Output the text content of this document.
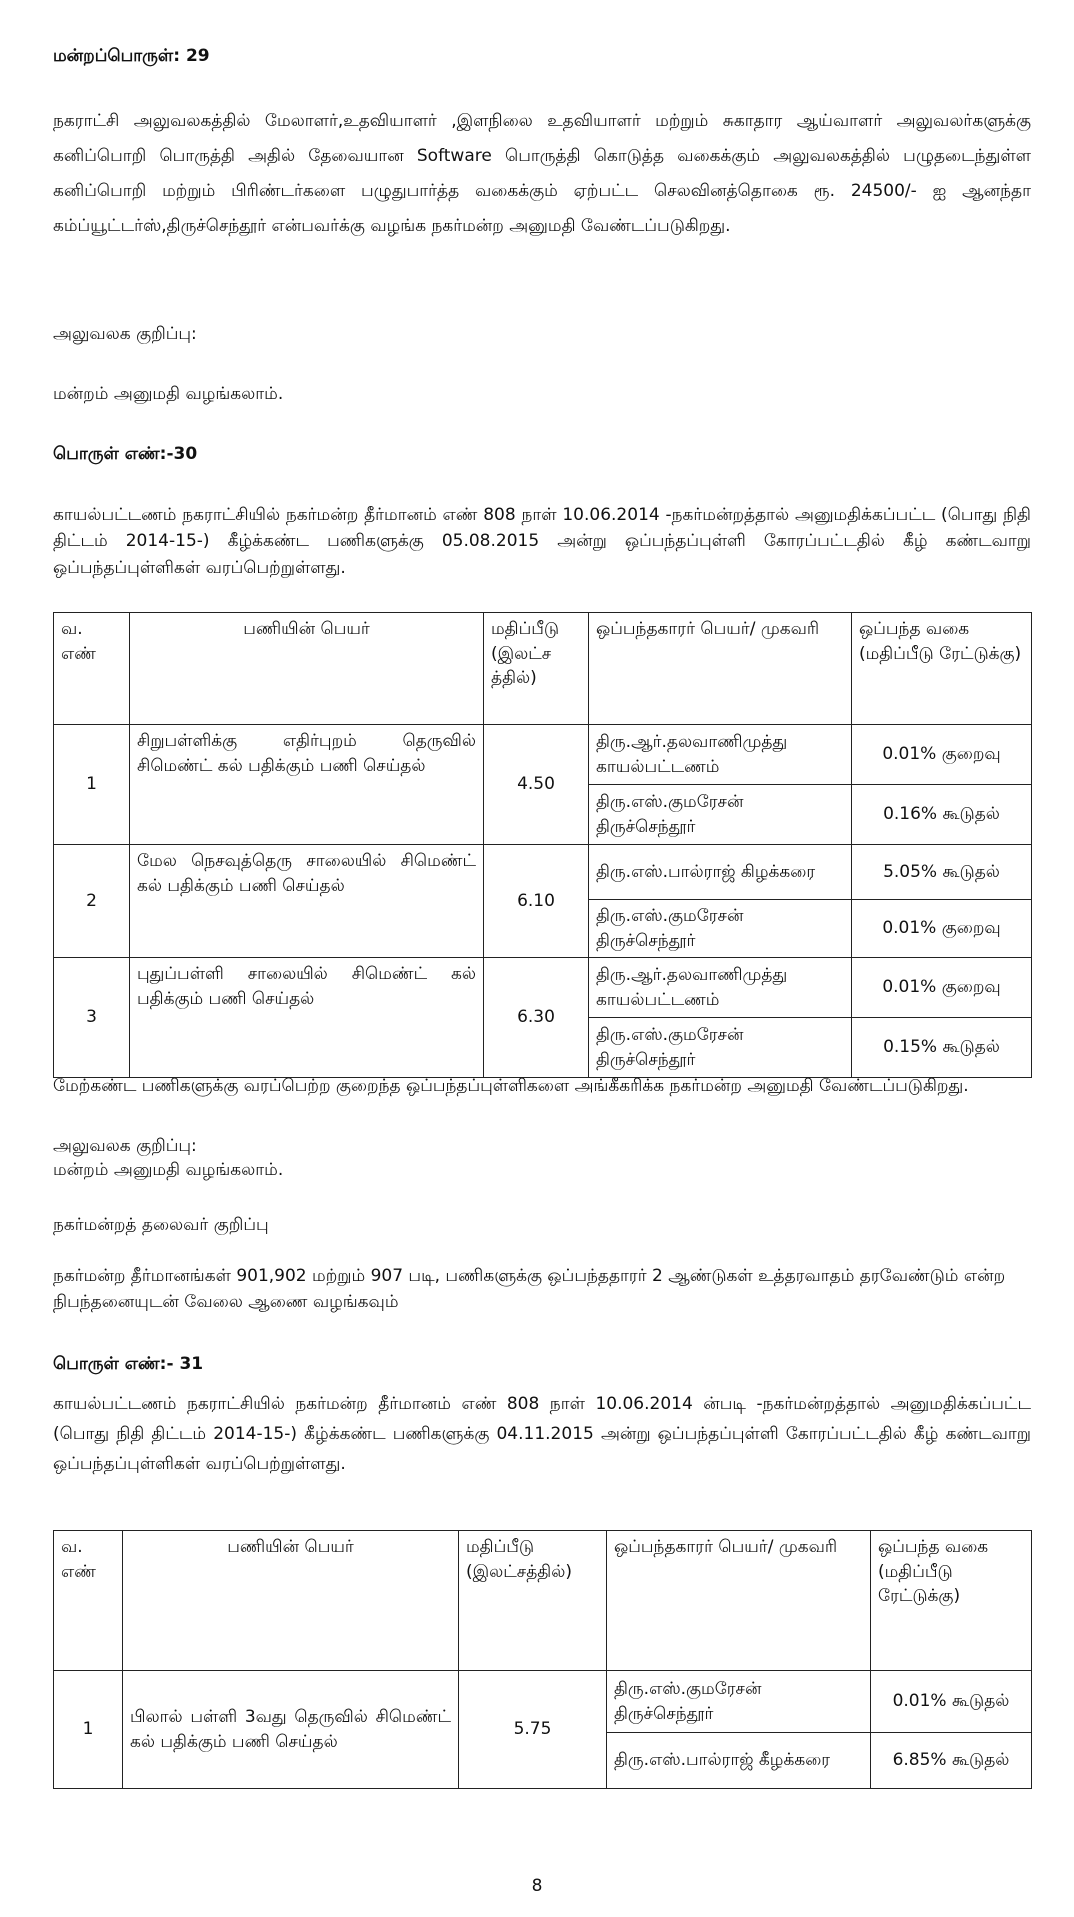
மன்றப்பொருள்: 29
நகராட்சி அலுவலகத்தில் மேலாளர்,உதவியாளர் ,இளநிலை உதவியாளர் மற்றும் சுகாதார ஆய்வாளர் அலுவலர்களுக்கு கனிப்பொறி பொருத்தி அதில் தேவையான Software பொருத்தி கொடுத்த வகைக்கும் அலுவலகத்தில் பழுதடைந்துள்ள கனிப்பொறி மற்றும் பிரிண்டர்களை பழுதுபார்த்த வகைக்கும் ஏற்பட்ட செலவினத்தொகை ரூ. 24500/- ஐ ஆனந்தா கம்ப்யூட்டர்ஸ்,திருச்செந்தூர் என்பவர்க்கு வழங்க நகர்மன்ற அனுமதி வேண்டப்படுகிறது.
அலுவலக குறிப்பு:
மன்றம் அனுமதி வழங்கலாம்.
பொருள் எண்:-30
காயல்பட்டணம் நகராட்சியில் நகர்மன்ற தீர்மானம் எண் 808 நாள் 10.06.2014 -நகர்மன்றத்தால் அனுமதிக்கப்பட்ட (பொது நிதி திட்டம் 2014-15-) கீழ்க்கண்ட பணிகளுக்கு 05.08.2015 அன்று ஒப்பந்தப்புள்ளி கோரப்பட்டதில் கீழ் கண்டவாறு ஒப்பந்தப்புள்ளிகள் வரப்பெற்றுள்ளது.
வ. எண்	பணியின் பெயர்	மதிப்பீடு (இலட்ச த்தில்)	ஒப்பந்தகாரர் பெயர்/ முகவரி	ஒப்பந்த வகை (மதிப்பீடு ரேட்டுக்கு)
1	சிறுபள்ளிக்கு எதிர்புறம் தெருவில் சிமெண்ட் கல் பதிக்கும் பணி செய்தல்	4.50	திரு.ஆர்.தலவாணிமுத்து காயல்பட்டணம்	0.01% குறைவு
			திரு.எஸ்.குமரேசன் திருச்செந்தூர்	0.16% கூடுதல்
2	மேல நெசவுத்தெரு சாலையில் சிமெண்ட் கல் பதிக்கும் பணி செய்தல்	6.10	திரு.எஸ்.பால்ராஜ் கிழக்கரை	5.05% கூடுதல்
			திரு.எஸ்.குமரேசன் திருச்செந்தூர்	0.01% குறைவு
3	புதுப்பள்ளி சாலையில் சிமெண்ட் கல் பதிக்கும் பணி செய்தல்	6.30	திரு.ஆர்.தலவாணிமுத்து காயல்பட்டணம்	0.01% குறைவு
			திரு.எஸ்.குமரேசன் திருச்செந்தூர்	0.15% கூடுதல்
மேற்கண்ட பணிகளுக்கு வரப்பெற்ற குறைந்த ஒப்பந்தப்புள்ளிகளை அங்கீகரிக்க நகர்மன்ற அனுமதி வேண்டப்படுகிறது.
அலுவலக குறிப்பு:
மன்றம் அனுமதி வழங்கலாம்.
நகர்மன்றத் தலைவர் குறிப்பு
நகர்மன்ற தீர்மானங்கள் 901,902 மற்றும் 907 படி, பணிகளுக்கு ஒப்பந்ததாரர் 2 ஆண்டுகள் உத்தரவாதம் தரவேண்டும் என்ற நிபந்தனையுடன் வேலை ஆணை வழங்கவும்
பொருள் எண்:- 31
காயல்பட்டணம் நகராட்சியில் நகர்மன்ற தீர்மானம் எண் 808 நாள் 10.06.2014 ன்படி -நகர்மன்றத்தால் அனுமதிக்கப்பட்ட (பொது நிதி திட்டம் 2014-15-) கீழ்க்கண்ட பணிகளுக்கு 04.11.2015 அன்று ஒப்பந்தப்புள்ளி கோரப்பட்டதில் கீழ் கண்டவாறு ஒப்பந்தப்புள்ளிகள் வரப்பெற்றுள்ளது.
வ. எண்	பணியின் பெயர்	மதிப்பீடு (இலட்சத்தில்)	ஒப்பந்தகாரர் பெயர்/ முகவரி	ஒப்பந்த வகை (மதிப்பீடு ரேட்டுக்கு)
1	பிலால் பள்ளி 3வது தெருவில் சிமெண்ட் கல் பதிக்கும் பணி செய்தல்	5.75	திரு.எஸ்.குமரேசன் திருச்செந்தூர்	0.01% கூடுதல்
			திரு.எஸ்.பால்ராஜ் கீழக்கரை	6.85% கூடுதல்
8
